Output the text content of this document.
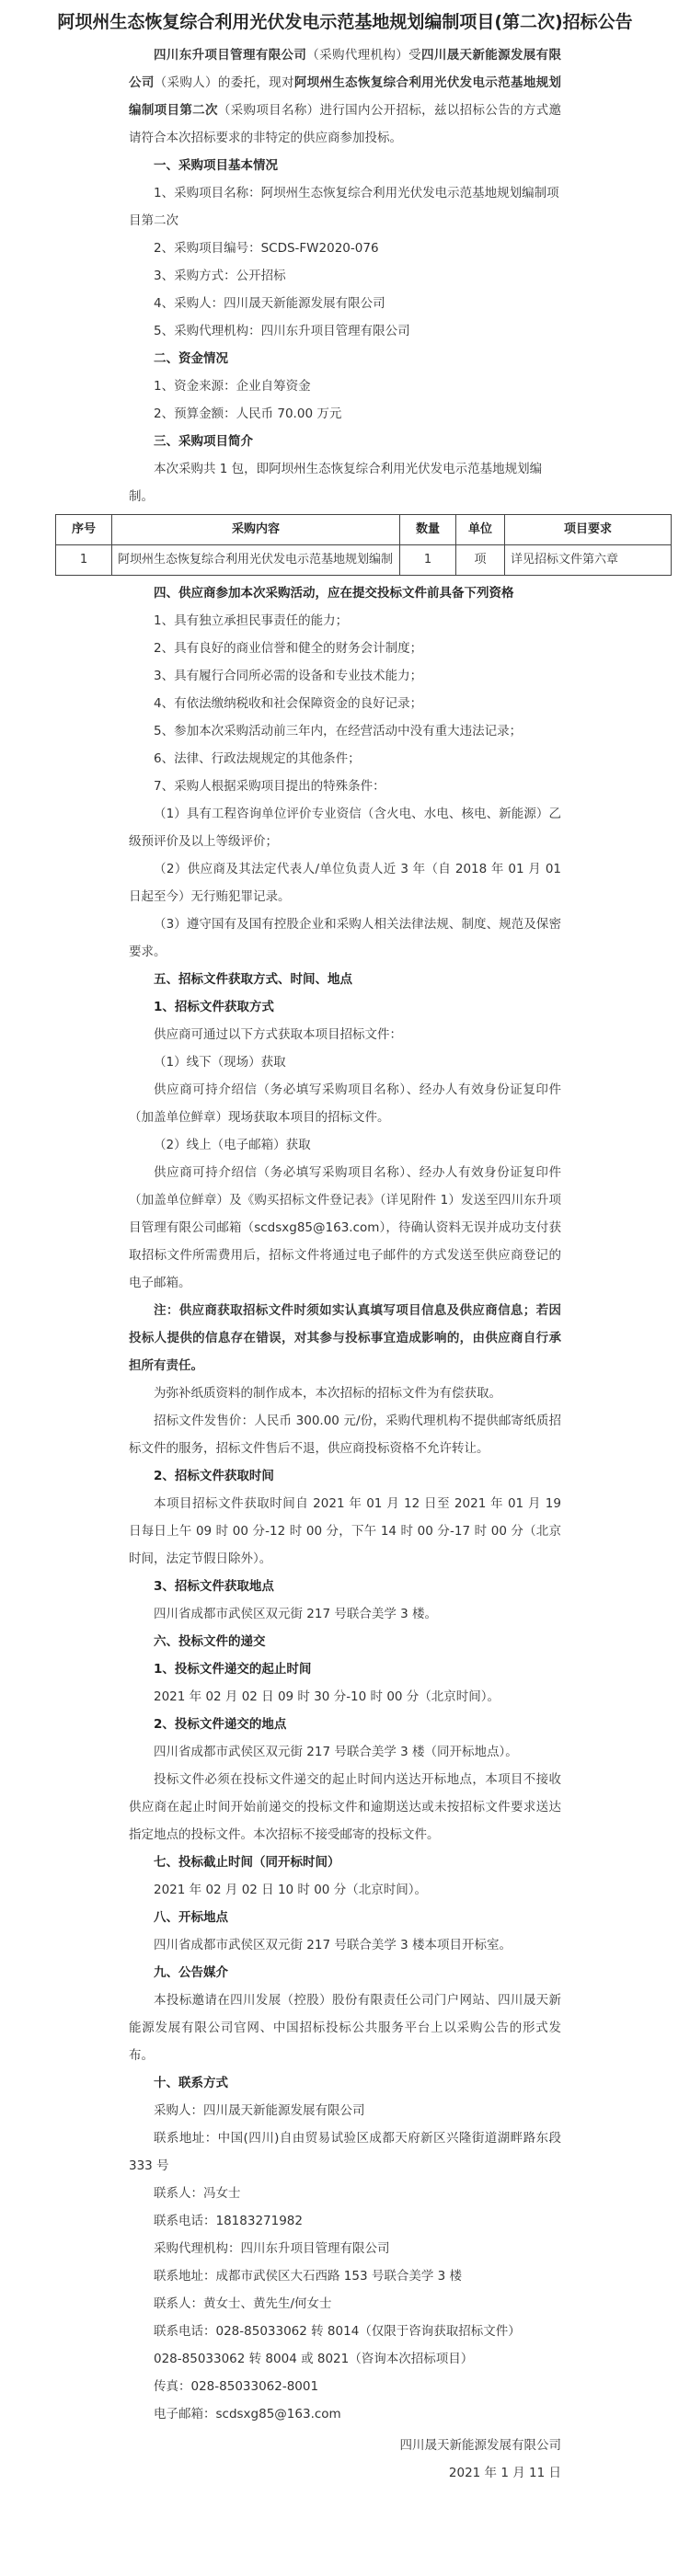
阿坝州生态恢复综合利用光伏发电示范基地规划编制项目(第二次)招标公告

四川东升项目管理有限公司（采购代理机构）受四川晟天新能源发展有限公司（采购人）的委托，现对阿坝州生态恢复综合利用光伏发电示范基地规划编制项目第二次（采购项目名称）进行国内公开招标，兹以招标公告的方式邀请符合本次招标要求的非特定的供应商参加投标。

一、采购项目基本情况

1、采购项目名称：阿坝州生态恢复综合利用光伏发电示范基地规划编制项目第二次

2、采购项目编号：SCDS-FW2020-076

3、采购方式：公开招标

4、采购人：四川晟天新能源发展有限公司

5、采购代理机构：四川东升项目管理有限公司

二、资金情况

1、资金来源：企业自筹资金

2、预算金额：人民币 70.00 万元

三、采购项目简介

本次采购共 1 包，即阿坝州生态恢复综合利用光伏发电示范基地规划编制。

序号	采购内容	数量	单位	项目要求
1	阿坝州生态恢复综合利用光伏发电示范基地规划编制	1	项	详见招标文件第六章

四、供应商参加本次采购活动，应在提交投标文件前具备下列资格

1、具有独立承担民事责任的能力；

2、具有良好的商业信誉和健全的财务会计制度；

3、具有履行合同所必需的设备和专业技术能力；

4、有依法缴纳税收和社会保障资金的良好记录；

5、参加本次采购活动前三年内，在经营活动中没有重大违法记录；

6、法律、行政法规规定的其他条件；

7、采购人根据采购项目提出的特殊条件：

（1）具有工程咨询单位评价专业资信（含火电、水电、核电、新能源）乙级预评价及以上等级评价；

（2）供应商及其法定代表人/单位负责人近 3 年（自 2018 年 01 月 01 日起至今）无行贿犯罪记录。

（3）遵守国有及国有控股企业和采购人相关法律法规、制度、规范及保密要求。

五、招标文件获取方式、时间、地点

1、招标文件获取方式

供应商可通过以下方式获取本项目招标文件：

（1）线下（现场）获取

供应商可持介绍信（务必填写采购项目名称）、经办人有效身份证复印件（加盖单位鲜章）现场获取本项目的招标文件。

（2）线上（电子邮箱）获取

供应商可持介绍信（务必填写采购项目名称）、经办人有效身份证复印件（加盖单位鲜章）及《购买招标文件登记表》（详见附件 1）发送至四川东升项目管理有限公司邮箱（scdsxg85@163.com），待确认资料无误并成功支付获取招标文件所需费用后，招标文件将通过电子邮件的方式发送至供应商登记的电子邮箱。

注：供应商获取招标文件时须如实认真填写项目信息及供应商信息；若因投标人提供的信息存在错误，对其参与投标事宜造成影响的，由供应商自行承担所有责任。

为弥补纸质资料的制作成本，本次招标的招标文件为有偿获取。

招标文件发售价：人民币 300.00 元/份，采购代理机构不提供邮寄纸质招标文件的服务，招标文件售后不退，供应商投标资格不允许转让。

2、招标文件获取时间

本项目招标文件获取时间自 2021 年 01 月 12 日至 2021 年 01 月 19 日每日上午 09 时 00 分-12 时 00 分，下午 14 时 00 分-17 时 00 分（北京时间，法定节假日除外）。

3、招标文件获取地点

四川省成都市武侯区双元街 217 号联合美学 3 楼。

六、投标文件的递交

1、投标文件递交的起止时间

2021 年 02 月 02 日 09 时 30 分-10 时 00 分（北京时间）。

2、投标文件递交的地点

四川省成都市武侯区双元街 217 号联合美学 3 楼（同开标地点）。

投标文件必须在投标文件递交的起止时间内送达开标地点，本项目不接收供应商在起止时间开始前递交的投标文件和逾期送达或未按招标文件要求送达指定地点的投标文件。本次招标不接受邮寄的投标文件。

七、投标截止时间（同开标时间）

2021 年 02 月 02 日 10 时 00 分（北京时间）。

八、开标地点

四川省成都市武侯区双元街 217 号联合美学 3 楼本项目开标室。

九、公告媒介

本投标邀请在四川发展（控股）股份有限责任公司门户网站、四川晟天新能源发展有限公司官网、中国招标投标公共服务平台上以采购公告的形式发布。

十、联系方式

采购人：四川晟天新能源发展有限公司

联系地址：中国(四川)自由贸易试验区成都天府新区兴隆街道湖畔路东段 333 号

联系人：冯女士

联系电话：18183271982

采购代理机构：四川东升项目管理有限公司

联系地址：成都市武侯区大石西路 153 号联合美学 3 楼

联系人：黄女士、黄先生/何女士

联系电话：028-85033062 转 8014（仅限于咨询获取招标文件）

028-85033062 转 8004 或 8021（咨询本次招标项目）

传真：028-85033062-8001

电子邮箱：scdsxg85@163.com

四川晟天新能源发展有限公司

2021 年 1 月 11 日
